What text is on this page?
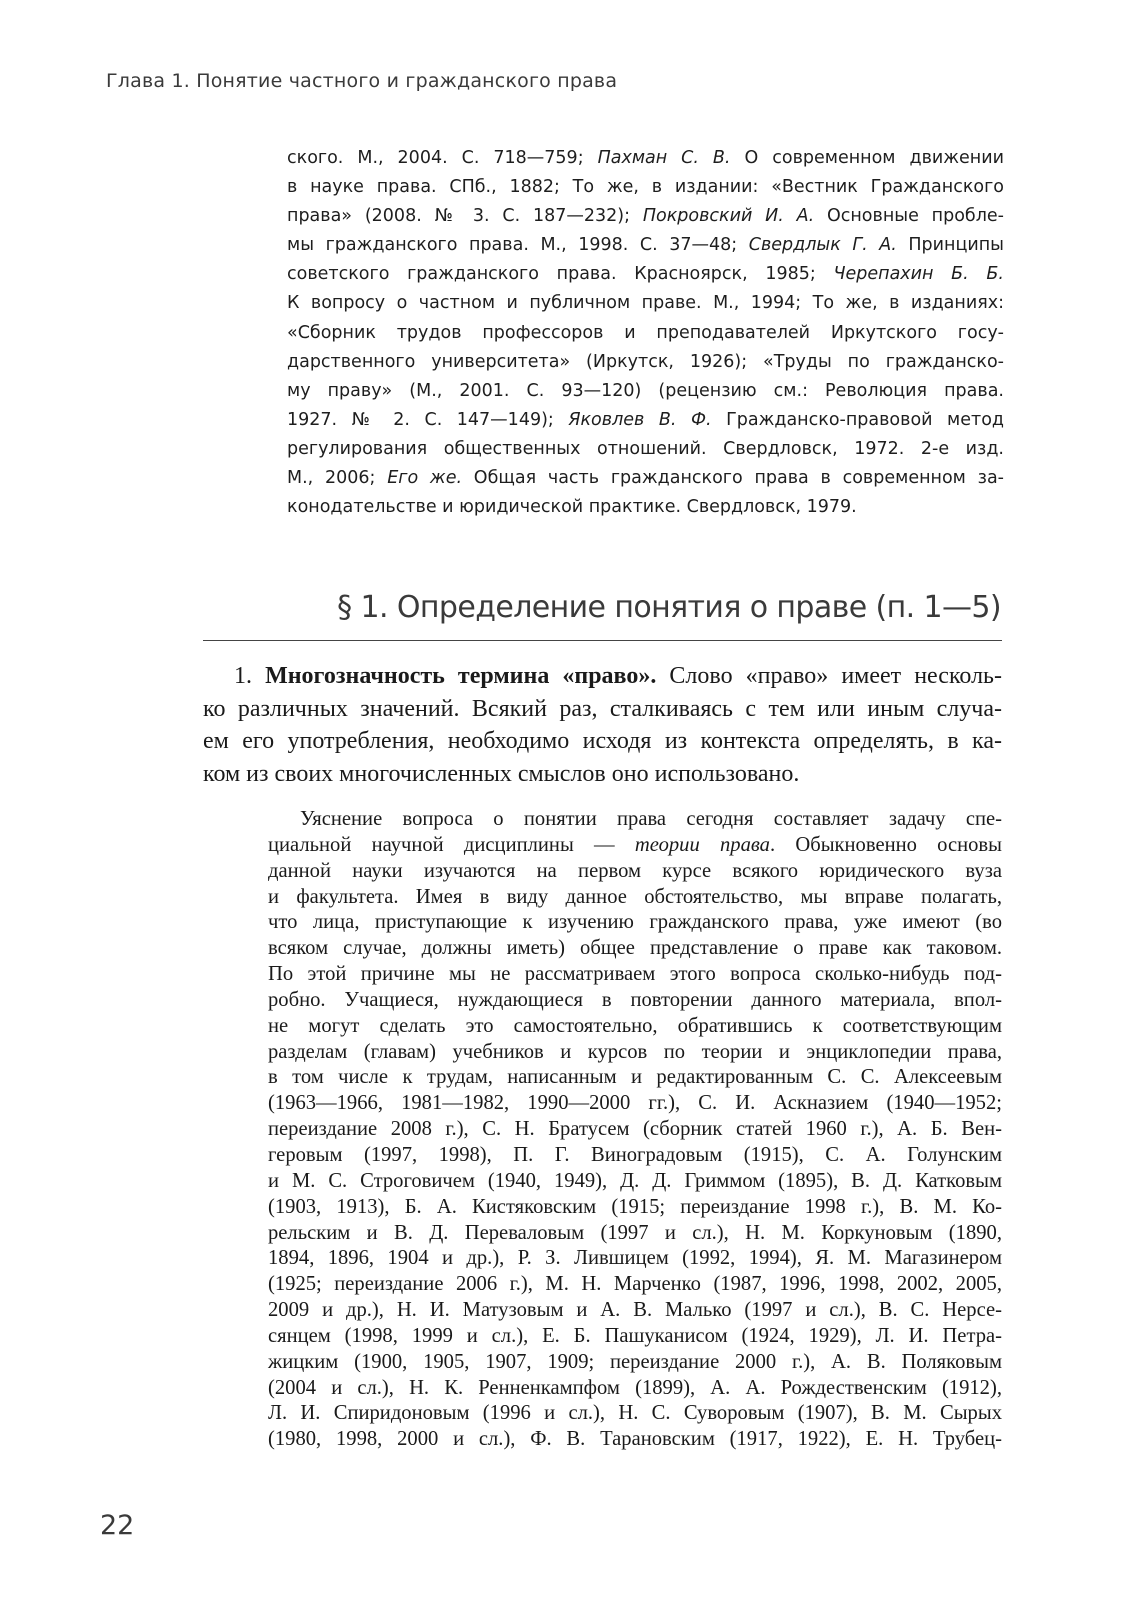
Глава 1. Понятие частного и гражданского права
ского. М., 2004. С. 718—759; Пахман С. В. О современном движении
в науке права. СПб., 1882; То же, в издании: «Вестник Гражданского
права» (2008. № 3. С. 187—232); Покровский И. А. Основные пробле-
мы гражданского права. М., 1998. С. 37—48; Свердлык Г. А. Принципы
советского гражданского права. Красноярск, 1985; Черепахин Б. Б.
К вопросу о частном и публичном праве. М., 1994; То же, в изданиях:
«Сборник трудов профессоров и преподавателей Иркутского госу-
дарственного университета» (Иркутск, 1926); «Труды по гражданско-
му праву» (М., 2001. С. 93—120) (рецензию см.: Революция права.
1927. № 2. С. 147—149); Яковлев В. Ф. Гражданско-правовой метод
регулирования общественных отношений. Свердловск, 1972. 2-е изд.
М., 2006; Его же. Общая часть гражданского права в современном за-
конодательстве и юридической практике. Свердловск, 1979.
§ 1. Определение понятия о праве (п. 1—5)
1. Многозначность термина «право». Слово «право» имеет несколь-
ко различных значений. Всякий раз, сталкиваясь с тем или иным случа-
ем его употребления, необходимо исходя из контекста определять, в ка-
ком из своих многочисленных смыслов оно использовано.
Уяснение вопроса о понятии права сегодня составляет задачу спе-
циальной научной дисциплины — теории права. Обыкновенно основы
данной науки изучаются на первом курсе всякого юридического вуза
и факультета. Имея в виду данное обстоятельство, мы вправе полагать,
что лица, приступающие к изучению гражданского права, уже имеют (во
всяком случае, должны иметь) общее представление о праве как таковом.
По этой причине мы не рассматриваем этого вопроса сколько-нибудь под-
робно. Учащиеся, нуждающиеся в повторении данного материала, впол-
не могут сделать это самостоятельно, обратившись к соответствующим
разделам (главам) учебников и курсов по теории и энциклопедии права,
в том числе к трудам, написанным и редактированным С. С. Алексеевым
(1963—1966, 1981—1982, 1990—2000 гг.), С. И. Аскназием (1940—1952;
переиздание 2008 г.), С. Н. Братусем (сборник статей 1960 г.), А. Б. Вен-
геровым (1997, 1998), П. Г. Виноградовым (1915), С. А. Голунским
и М. С. Строговичем (1940, 1949), Д. Д. Гриммом (1895), В. Д. Катковым
(1903, 1913), Б. А. Кистяковским (1915; переиздание 1998 г.), В. М. Ко-
рельским и В. Д. Переваловым (1997 и сл.), Н. М. Коркуновым (1890,
1894, 1896, 1904 и др.), Р. З. Лившицем (1992, 1994), Я. М. Магазинером
(1925; переиздание 2006 г.), М. Н. Марченко (1987, 1996, 1998, 2002, 2005,
2009 и др.), Н. И. Матузовым и А. В. Малько (1997 и сл.), В. С. Нерсе-
сянцем (1998, 1999 и сл.), Е. Б. Пашуканисом (1924, 1929), Л. И. Петра-
жицким (1900, 1905, 1907, 1909; переиздание 2000 г.), А. В. Поляковым
(2004 и сл.), Н. К. Ренненкампфом (1899), А. А. Рождественским (1912),
Л. И. Спиридоновым (1996 и сл.), Н. С. Суворовым (1907), В. М. Сырых
(1980, 1998, 2000 и сл.), Ф. В. Тарановским (1917, 1922), Е. Н. Трубец-
22
